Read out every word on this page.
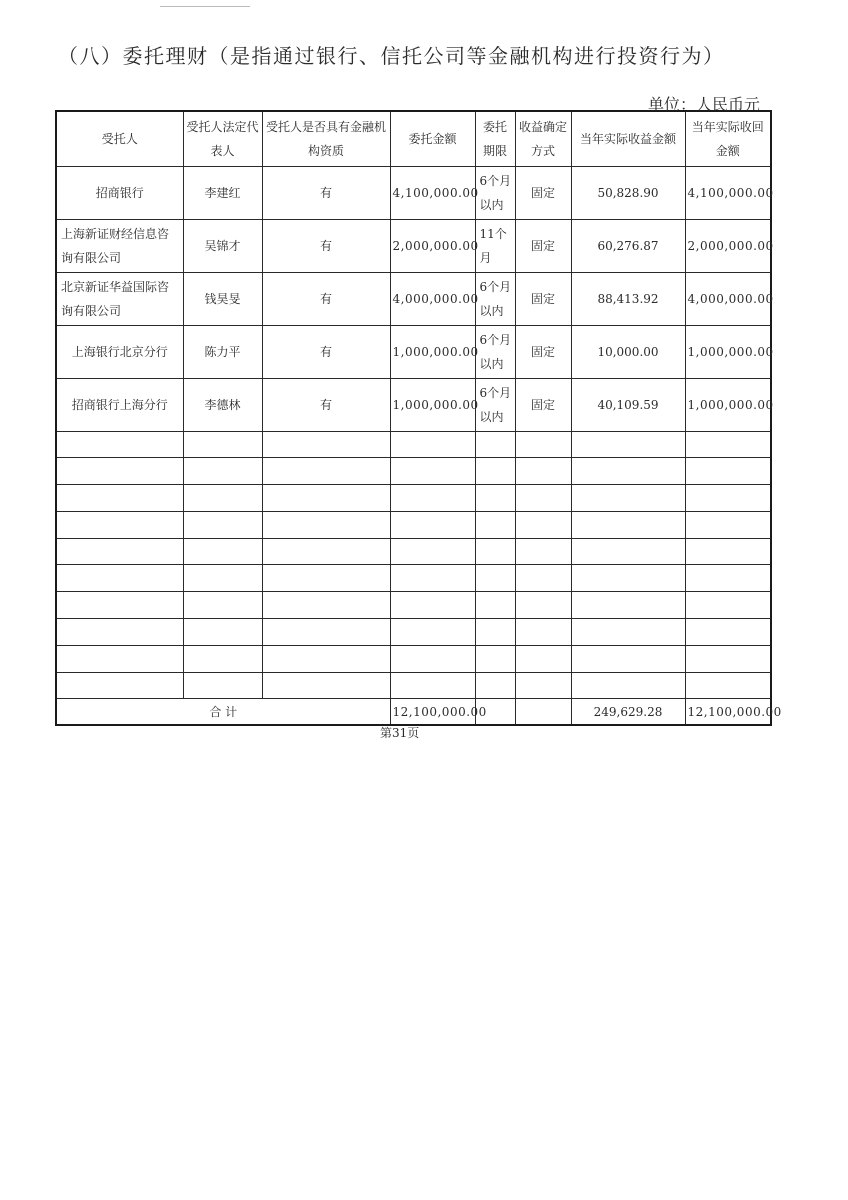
（八）委托理财（是指通过银行、信托公司等金融机构进行投资行为）
单位：人民币元
受托人	受托人法定代表人	受托人是否具有金融机构资质	委托金额	委托期限	收益确定方式	当年实际收益金额	当年实际收回金额
招商银行	李建红	有	4,100,000.00	6个月以内	固定	50,828.90	4,100,000.00
上海新证财经信息咨询有限公司	吴锦才	有	2,000,000.00	11个月	固定	60,276.87	2,000,000.00
北京新证华益国际咨询有限公司	钱昊旻	有	4,000,000.00	6个月以内	固定	88,413.92	4,000,000.00
上海银行北京分行	陈力平	有	1,000,000.00	6个月以内	固定	10,000.00	1,000,000.00
招商银行上海分行	李德林	有	1,000,000.00	6个月以内	固定	40,109.59	1,000,000.00

合 计			12,100,000.00			249,629.28	12,100,000.00
第31页
